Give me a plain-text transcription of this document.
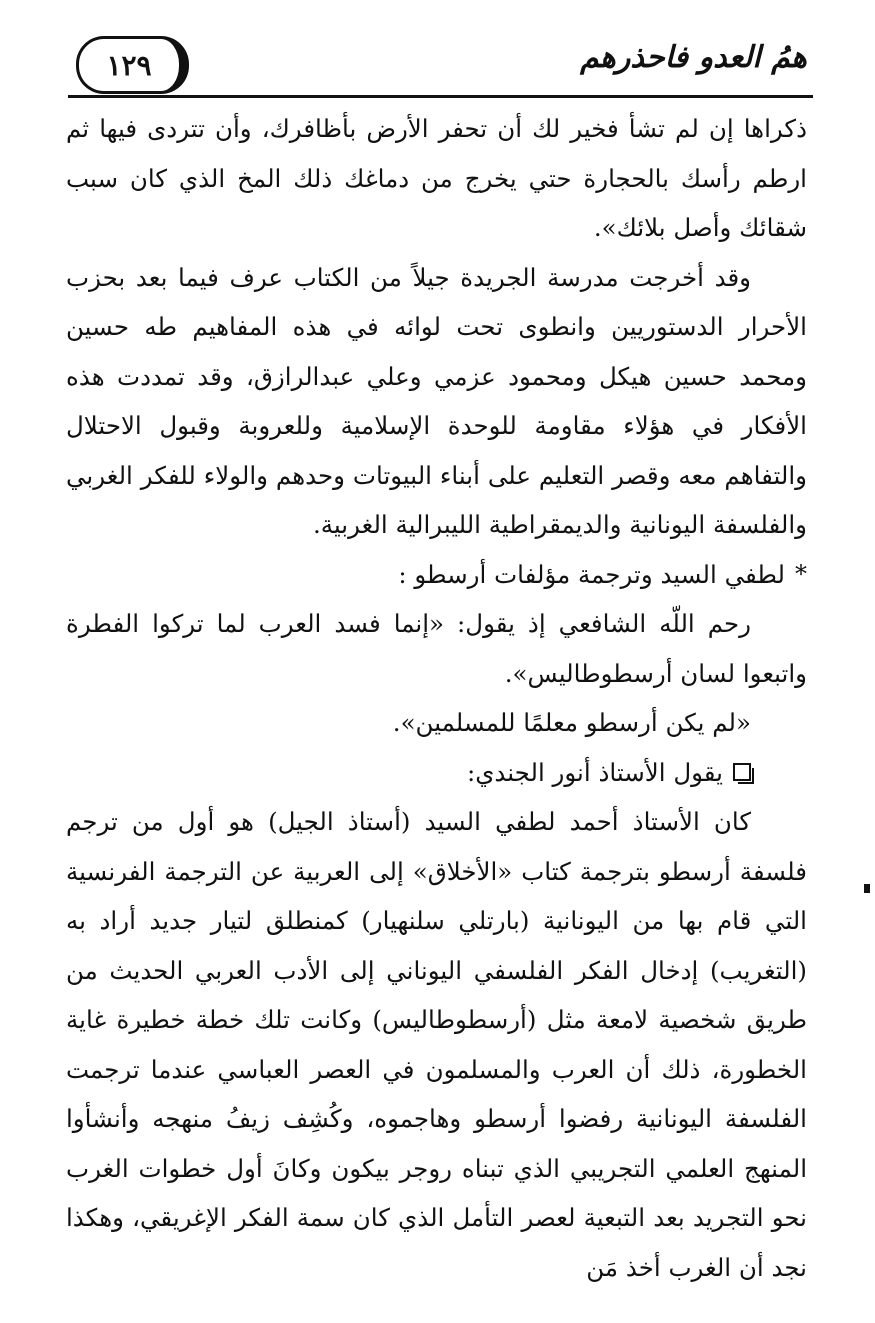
١٢٩	همُ العدو فاحذرهم

ذكراها إن لم تشأ فخير لك أن تحفر الأرض بأظافرك، وأن تتردى فيها ثم ارطم رأسك بالحجارة حتي يخرج من دماغك ذلك المخ الذي كان سبب شقائك وأصل بلائك».

وقد أخرجت مدرسة الجريدة جيلاً من الكتاب عرف فيما بعد بحزب الأحرار الدستوريين وانطوى تحت لوائه في هذه المفاهيم طه حسين ومحمد حسين هيكل ومحمود عزمي وعلي عبدالرازق، وقد تمددت هذه الأفكار في هؤلاء مقاومة للوحدة الإسلامية وللعروبة وقبول الاحتلال والتفاهم معه وقصر التعليم على أبناء البيوتات وحدهم والولاء للفكر الغربي والفلسفة اليونانية والديمقراطية الليبرالية الغربية.

*
لطفي السيد وترجمة مؤلفات أرسطو :

رحم اللّه الشافعي إذ يقول: «إنما فسد العرب لما تركوا الفطرة واتبعوا لسان أرسطوطاليس».

«لم يكن أرسطو معلمًا للمسلمين».

يقول الأستاذ أنور الجندي:

كان الأستاذ أحمد لطفي السيد (أستاذ الجيل) هو أول من ترجم فلسفة أرسطو بترجمة كتاب «الأخلاق» إلى العربية عن الترجمة الفرنسية التي قام بها من اليونانية (بارتلي سلنهيار) كمنطلق لتيار جديد أراد به (التغريب) إدخال الفكر الفلسفي اليوناني إلى الأدب العربي الحديث من طريق شخصية لامعة مثل (أرسطوطاليس) وكانت تلك خطة خطيرة غاية الخطورة، ذلك أن العرب والمسلمون في العصر العباسي عندما ترجمت الفلسفة اليونانية رفضوا أرسطو وهاجموه، وكُشِف زيفُ منهجه وأنشأوا المنهج العلمي التجريبي الذي تبناه روجر بيكون وكانَ أول خطوات الغرب نحو التجريد بعد التبعية لعصر التأمل الذي كان سمة الفكر الإغريقي، وهكذا نجد أن الغرب أخذ مَن
